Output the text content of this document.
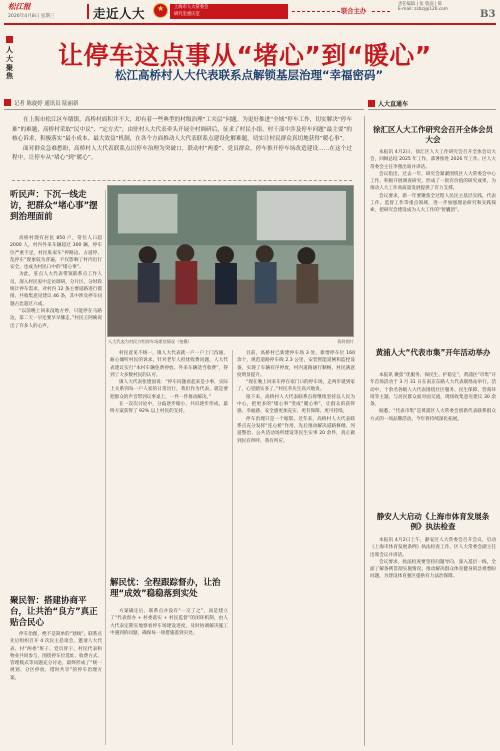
松江报
2026年4月8日 星期三	走近人大
★	上海市人大常委会
研究室重庆室	联合主办
责任编辑 | 张 版面 | 陈
E-mail: zsbzj@126.com	B3
人大聚焦
让停车这点事从“堵心”到“暖心”
松江高桥村人大代表联系点解锁基层治理“幸福密码”
记者 陈旋婷 通讯员 陆丽新	人大直通车
徐汇区人大工作研究会召开全体会员大会

本报讯 4月2日，徐汇区人大工作研究会召开全体会员大会，回顾总结 2025 年工作，部署推进 2026 年工作。区人大常委会主任李燕出席并讲话。

会议指出，过去一年，研究会紧紧围绕区人大常委会中心工作，积极开展调查研究，形成了一批有价值的研究成果，为推动人大工作高质量发展提供了有力支撑。

会议要求，新一年要聚焦全过程人民民主基层实践、代表工作、监督工作等重点领域，进一步加强理论研究和实践探索，把研究会建设成为人大工作的“智囊团”。

黄浦人大“代表市集”开年活动举办

本报讯 聚焦“优服务、保民生、护稳定”，黄浦区“市集”开年首场活动于 3 月 31 日在南京东路人大代表联络站举行。活动中，十余名各级人大代表围绕社区服务、民生保障、营商环境等主题，与居民群众面对面交流，现场收集意见建议 30 余条。

据悉，“代表市集”是黄浦区人大常委会创新代表联系群众方式的一项品牌活动，今年将持续深化拓展。

静安人大启动《上海市体育发展条例》执法检查

本报讯 4月2日上午，静安区人大常委会召开会议，启动《上海市体育发展条例》执法检查工作。区人大常委会副主任出席会议并讲话。

会议要求，执法检查要坚持问题导向，深入基层一线，全面了解条例贯彻实施情况，推动解决群众体育健身的急难愁盼问题，为建设体育强区提供有力法治保障。

在上海市松江区车墩镇，高桥村面积并不大，却有着一些典型的村级治理“工夹层”问题。为更好推进“全域”停车工作，切实解决“停车难”的难题，高桥村采取“民中议”、“定方式”，由驻村人大代表牵头开展全村调研后，征求了村民小组、村干部中涉及停车问题“最主要”的核心诉求，积极落实“最小成本、最大效益”机制，在各个方面推动人大代表联系点建设化解难题，切实让村民群众真切地获得“暖心事”。

面对群众急难愁盼，高桥村人大代表联系点以停车治理为突破口，联动村“两委”、党员群众，停车推开停车场改造建设……在这个过程中，让停车从“堵心”到“暖心”。

人大代表为村民介绍停车场建设情况（拍摄）	资料图片
听民声：下沉一线走访，把群众“堵心事”摆到治理面前

高桥村现有居民 850 户，常住人口超 2000 人，村内外来车辆超过 300 辆，停车位严重不足，村民私家车“停路边、占道停、乱停车”现象较为普遍，不仅影响了村内出行安全，也成为村民口中的“堵心事”。

为此，驻点人大代表带领联系点工作人员，深入村民家中走访调研，分片区、分时段统计停车需求，对村内 12 条主要道路进行摸排，共收集意见建议 46 条，其中涉及停车问题占比超过六成。

“以前晚上回来没地方停，只能停在马路边，第二天一早还要早早挪走。”村民王阿姨说出了许多人的心声。

聚民智：搭建协商平台，让共治“良方”真正贴合民心

停车治理，绝不是简单的“划线”。联系点先后组织召开 4 次民主恳谈会，邀请人大代表、村“两委”班子、党员骨干、村民代表和物业共同参与，围绕停车位选址、收费方式、管理模式等问题充分讨论，最终形成了“统一规划、分区停放、错时共享”的停车治理方案。

村民意见不统一，镇人大代表就一户一户上门沟通，耐心倾听村民的诉求。针对老年人担忧收费问题，人大代表建议实行“本村车辆免费停放、外来车辆适当收费”，得到了大多数村民的认可。

镇人大代表张建国说：“停车问题看起来是小事，实际上关系到每一户人家的日常出行，我们作为代表，就是要把群众的声音带到议事桌上，一件一件推动解决。”

在一次次讨论中，分歧逐步缩小，共识逐步形成，最终方案获得了 92% 以上村民的支持。

解民忧：全程跟踪督办，让治理“成效”稳稳落到实处

方案确定后，联系点并没有“一交了之”，而是建立了“代表督办 + 村委落实 + 村民监督”的闭环机制，由人大代表定期实地察看停车场建设进度，及时协调解决施工中遇到的问题，确保每一项措施落到实处。

目前，高桥村已新建停车场 3 处，新增停车位 160 余个，规范道路停车线 2.3 公里，安装智能道闸和监控设备，实现了车辆有序停放，村内道路通行顺畅，村民满意度明显提升。

“现在晚上回来车停在家门口的停车场，走两步就到家了，心里踏实多了。”村民李先生高兴地说。

接下来，高桥村人大代表联系点将继续坚持以人民为中心，把更多的“堵心事”变成“暖心事”，让群众的获得感、幸福感、安全感更加充实、更有保障、更可持续。

停车治理只是一个缩影。近年来，高桥村人大代表联系点充分发挥“连心桥”作用，先后推动解决道路修缮、河道整治、公共活动场所建设等民生实事 20 余件，真正做到民有所呼、我有所应。
